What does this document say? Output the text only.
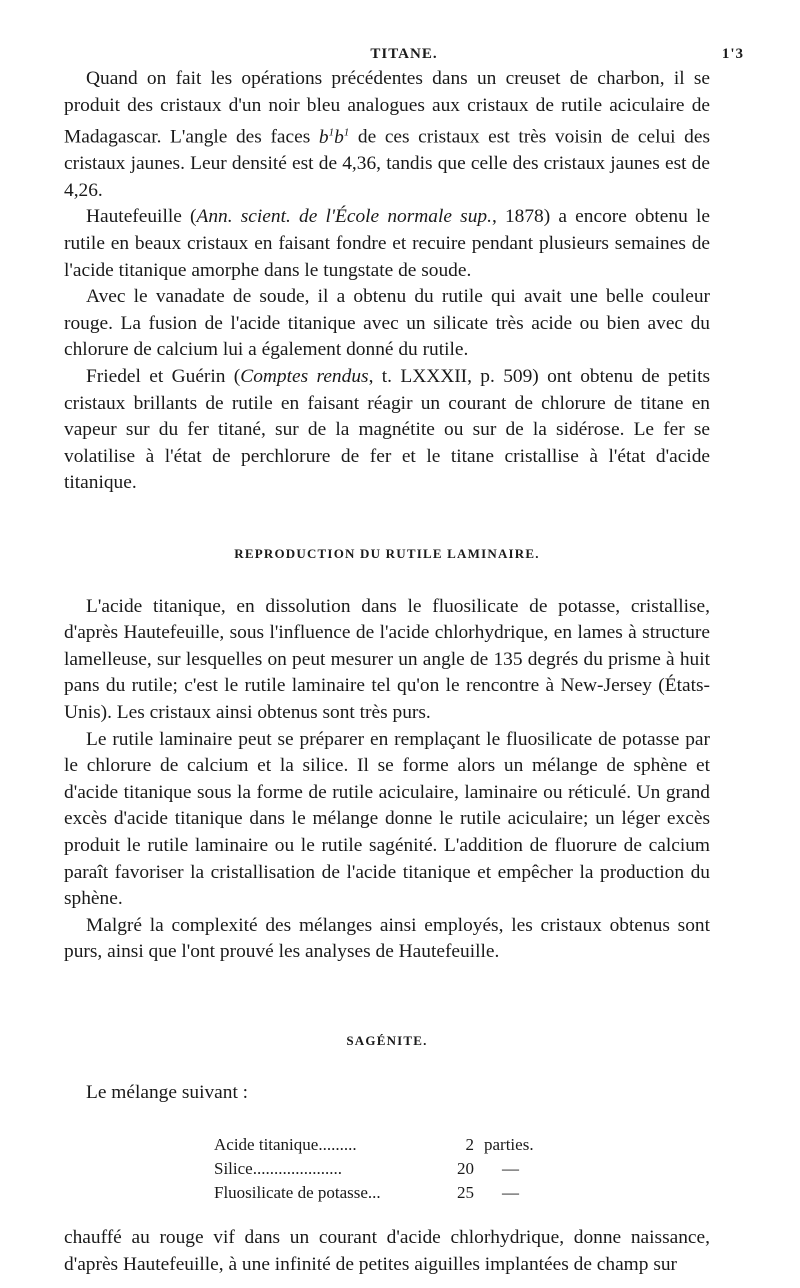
TITANE.	1'3

Quand on fait les opérations précédentes dans un creuset de charbon, il se produit des cristaux d'un noir bleu analogues aux cristaux de rutile aciculaire de Madagascar. L'angle des faces $b^1b^1$ de ces cristaux est très voisin de celui des cristaux jaunes. Leur densité est de 4,36, tandis que celle des cristaux jaunes est de 4,26.

Hautefeuille (Ann. scient. de l'École normale sup., 1878) a encore obtenu le rutile en beaux cristaux en faisant fondre et recuire pendant plusieurs semaines de l'acide titanique amorphe dans le tungstate de soude.

Avec le vanadate de soude, il a obtenu du rutile qui avait une belle couleur rouge. La fusion de l'acide titanique avec un silicate très acide ou bien avec du chlorure de calcium lui a également donné du rutile.

Friedel et Guérin (Comptes rendus, t. LXXXII, p. 509) ont obtenu de petits cristaux brillants de rutile en faisant réagir un courant de chlorure de titane en vapeur sur du fer titané, sur de la magnétite ou sur de la sidérose. Le fer se volatilise à l'état de perchlorure de fer et le titane cristallise à l'état d'acide titanique.

REPRODUCTION DU RUTILE LAMINAIRE.

L'acide titanique, en dissolution dans le fluosilicate de potasse, cristallise, d'après Hautefeuille, sous l'influence de l'acide chlorhydrique, en lames à structure lamelleuse, sur lesquelles on peut mesurer un angle de 135 degrés du prisme à huit pans du rutile; c'est le rutile laminaire tel qu'on le rencontre à New-Jersey (États-Unis). Les cristaux ainsi obtenus sont très purs.

Le rutile laminaire peut se préparer en remplaçant le fluosilicate de potasse par le chlorure de calcium et la silice. Il se forme alors un mélange de sphène et d'acide titanique sous la forme de rutile aciculaire, laminaire ou réticulé. Un grand excès d'acide titanique dans le mélange donne le rutile aciculaire; un léger excès produit le rutile laminaire ou le rutile sagénité. L'addition de fluorure de calcium paraît favoriser la cristallisation de l'acide titanique et empêcher la production du sphène.

Malgré la complexité des mélanges ainsi employés, les cristaux obtenus sont purs, ainsi que l'ont prouvé les analyses de Hautefeuille.

SAGÉNITE.

Le mélange suivant :

Acide titanique.........	2	parties.
Silice.....................	20	—
Fluosilicate de potasse...	25	—

chauffé au rouge vif dans un courant d'acide chlorhydrique, donne naissance, d'après Hautefeuille, à une infinité de petites aiguilles implantées de champ sur
